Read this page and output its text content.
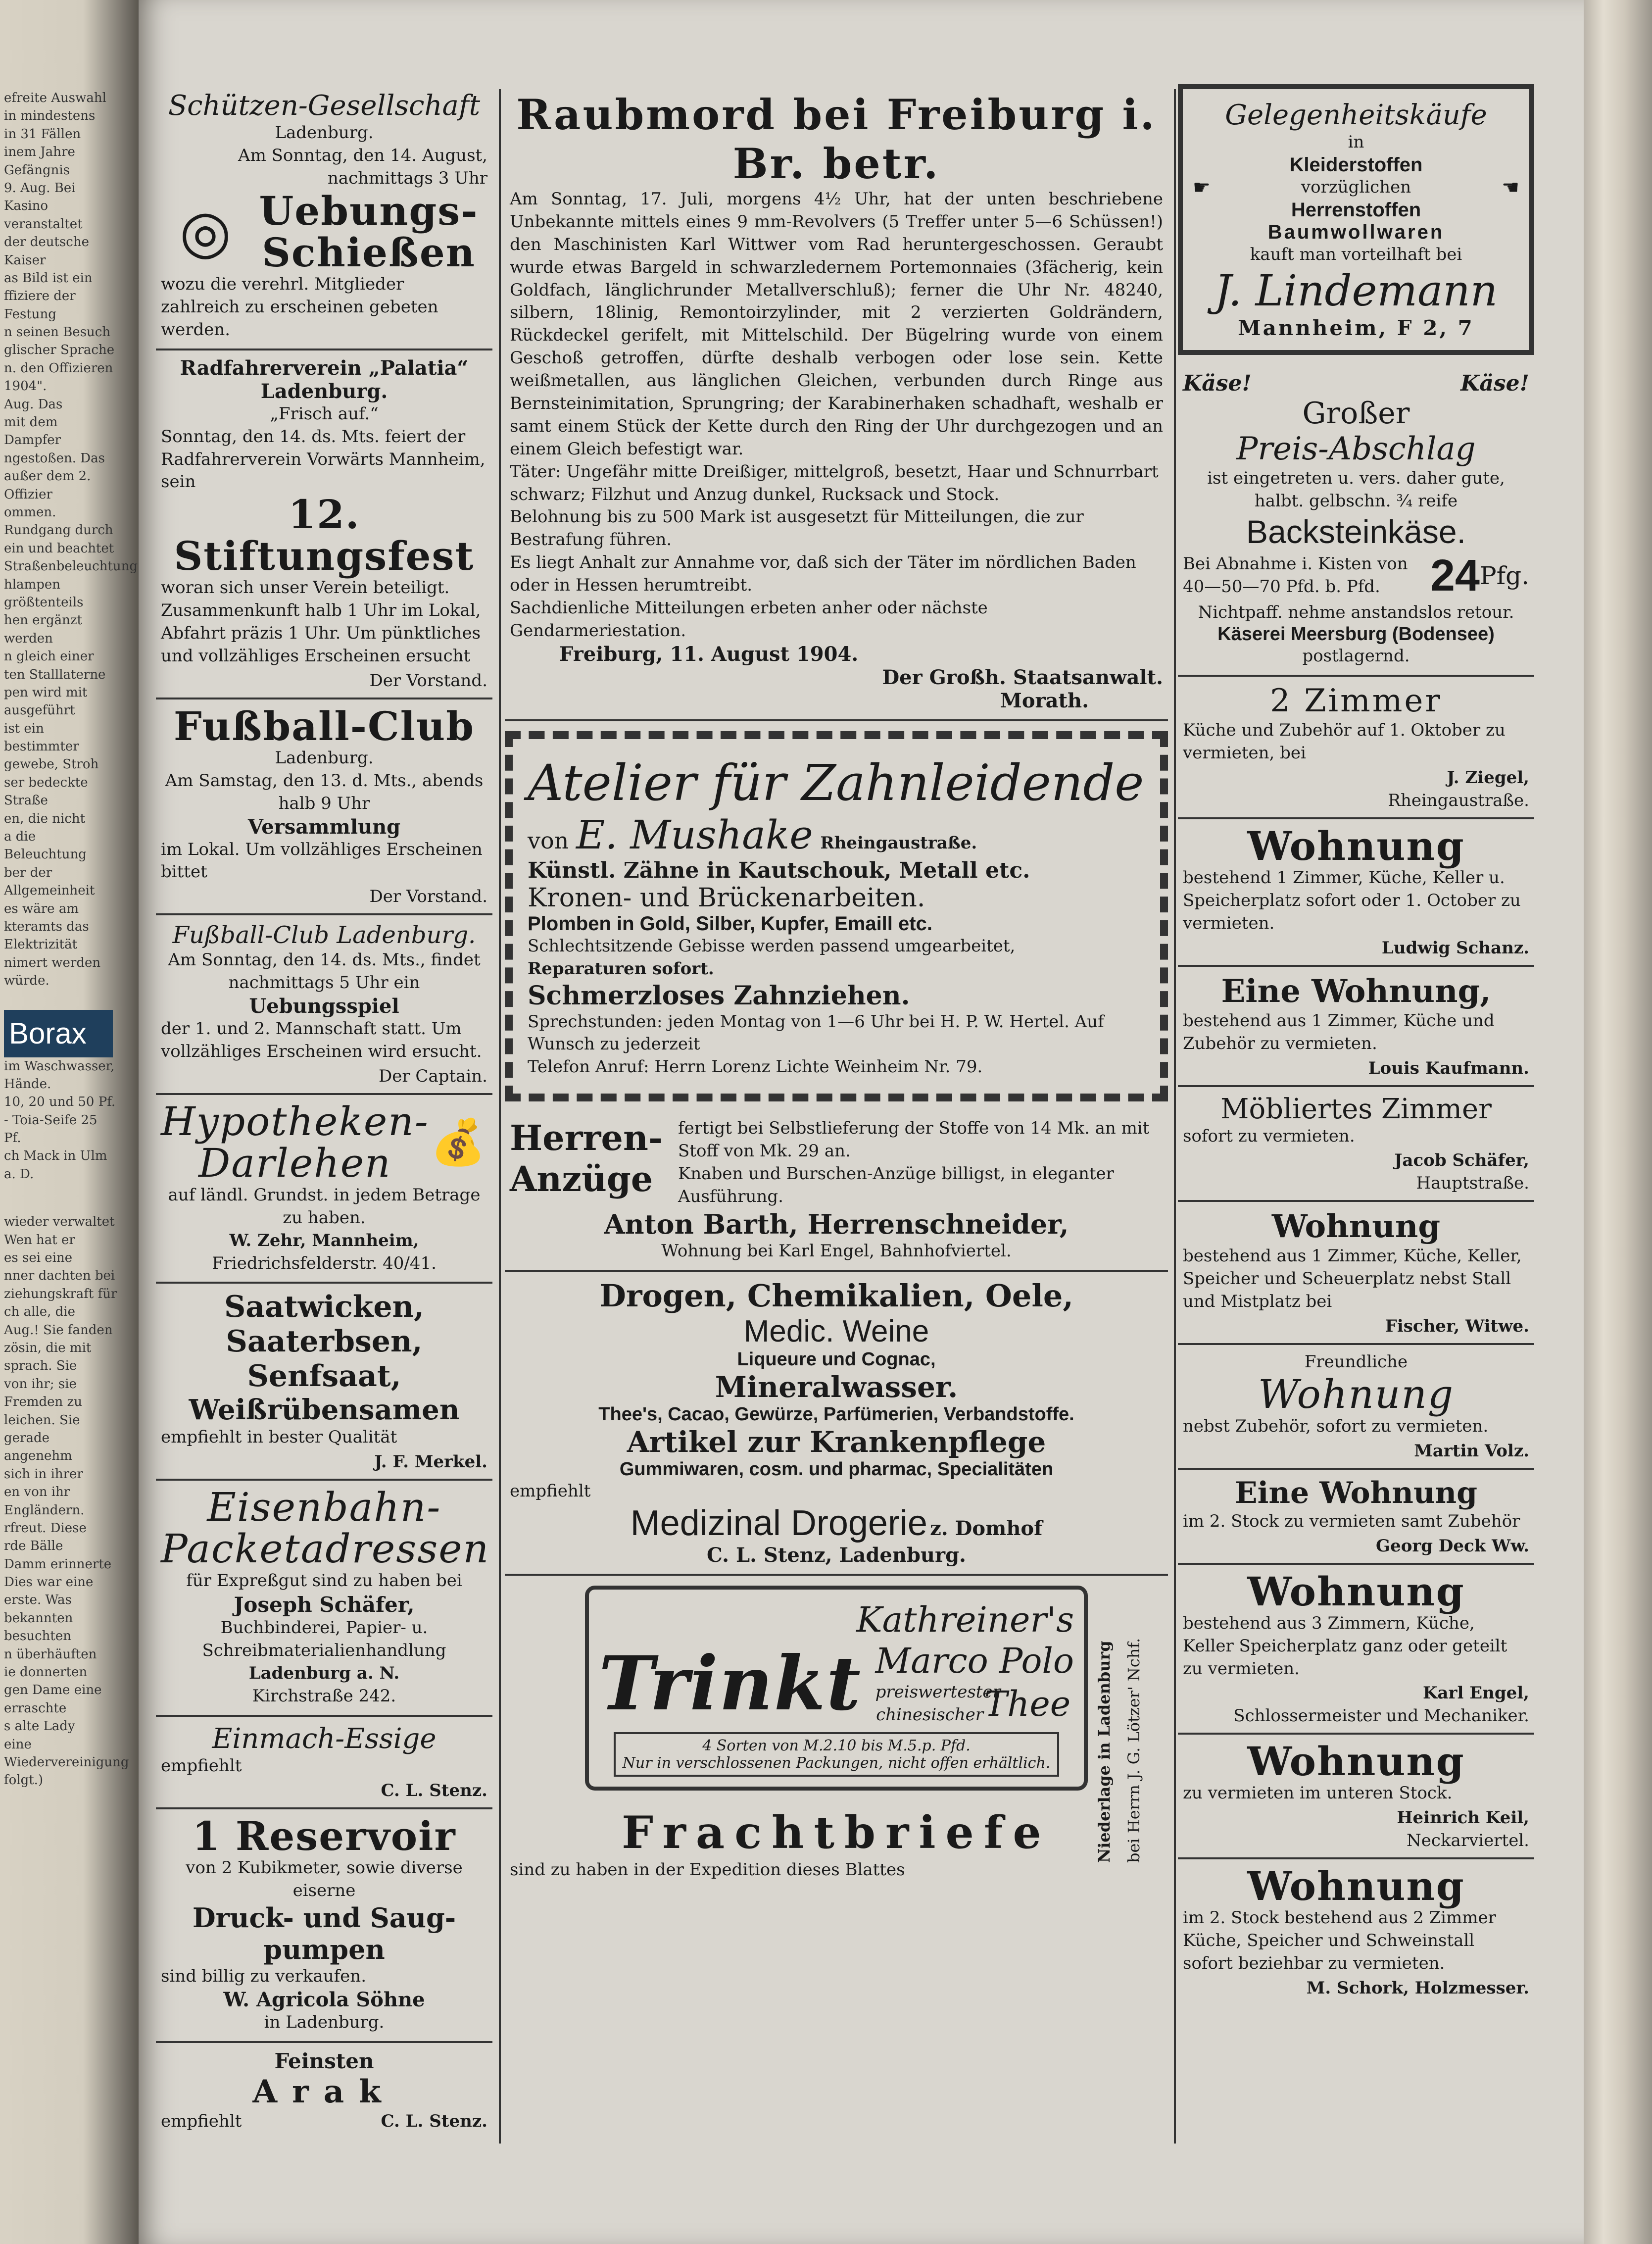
efreite Auswahl
in mindestens
in 31 Fällen
inem Jahre Gefängnis
9. Aug. Bei
Kasino veranstaltet
der deutsche Kaiser
as Bild ist ein
ffiziere der Festung
n seinen Besuch
glischer Sprache
n. den Offizieren
1904".
Aug. Das
mit dem Dampfer
ngestoßen. Das
außer dem 2. Offizier
ommen.
Rundgang durch
ein und beachtet
Straßenbeleuchtung
hlampen größtenteils
hen ergänzt werden
n gleich einer
ten Stalllaterne
pen wird mit
ausgeführt
ist ein bestimmter
gewebe, Stroh
ser bedeckte Straße
en, die nicht
a die Beleuchtung
ber der Allgemeinheit
es wäre am
kteramts das Elektrizität
nimert werden würde.
Borax
im Waschwasser,
Hände.
10, 20 und 50 Pf.
- Toia-Seife 25 Pf.
ch Mack in Ulm a. D.
wieder verwaltet
Wen hat er
es sei eine
nner dachten bei
ziehungskraft für
ch alle, die
Aug.! Sie fanden
zösin, die mit
sprach. Sie
von ihr; sie
Fremden zu
leichen. Sie
gerade angenehm
sich in ihrer
en von ihr
Engländern.
rfreut. Diese
rde Bälle
Damm erinnerte
Dies war eine
erste. Was
bekannten
besuchten
n überhäuften
ie donnerten
gen Dame eine
erraschte
s alte Lady
eine Wiedervereinigung
folgt.)
Schützen-Gesellschaft
Ladenburg.
Am Sonntag, den 14. August, nachmittags 3 Uhr
◎ Uebungs-
Schießen
wozu die verehrl. Mitglieder zahlreich zu erscheinen gebeten werden.
Radfahrerverein „Palatia“ Ladenburg.
„Frisch auf.“
Sonntag, den 14. ds. Mts. feiert der Radfahrerverein Vorwärts Mannheim, sein
12. Stiftungsfest
woran sich unser Verein beteiligt. Zusammenkunft halb 1 Uhr im Lokal, Abfahrt präzis 1 Uhr. Um pünktliches und vollzähliges Erscheinen ersucht
Der Vorstand.
Fußball-Club
Ladenburg.
Am Samstag, den 13. d. Mts., abends halb 9 Uhr
Versammlung
im Lokal. Um vollzähliges Erscheinen bittet
Der Vorstand.
Fußball-Club Ladenburg.
Am Sonntag, den 14. ds. Mts., findet nachmittags 5 Uhr ein
Uebungsspiel
der 1. und 2. Mannschaft statt. Um vollzähliges Erscheinen wird ersucht.
Der Captain.
Hypotheken-
Darlehen 💰
auf ländl. Grundst. in jedem Betrage zu haben.
W. Zehr, Mannheim,
Friedrichsfelderstr. 40/41.
Saatwicken,
Saaterbsen,
Senfsaat,
Weißrübensamen
empfiehlt in bester Qualität
J. F. Merkel.
Eisenbahn-
Packetadressen
für Expreßgut sind zu haben bei
Joseph Schäfer,
Buchbinderei, Papier- u. Schreibmaterialienhandlung
Ladenburg a. N.
Kirchstraße 242.
Einmach-Essige
empfiehlt
C. L. Stenz.
1 Reservoir
von 2 Kubikmeter, sowie diverse eiserne
Druck- und Saug-
pumpen
sind billig zu verkaufen.
W. Agricola Söhne
in Ladenburg.
Feinsten
Arak
empfiehlt	C. L. Stenz.
Raubmord bei Freiburg i. Br. betr.
Am Sonntag, 17. Juli, morgens 4½ Uhr, hat der unten beschriebene Unbekannte mittels eines 9 mm-Revolvers (5 Treffer unter 5—6 Schüssen!) den Maschinisten Karl Wittwer vom Rad heruntergeschossen. Geraubt wurde etwas Bargeld in schwarzledernem Portemonnaies (3fächerig, kein Goldfach, länglichrunder Metallverschluß); ferner die Uhr Nr. 48240, silbern, 18linig, Remontoirzylinder, mit 2 verzierten Goldrändern, Rückdeckel gerifelt, mit Mittelschild. Der Bügelring wurde von einem Geschoß getroffen, dürfte deshalb verbogen oder lose sein. Kette weißmetallen, aus länglichen Gleichen, verbunden durch Ringe aus Bernsteinimitation, Sprungring; der Karabinerhaken schadhaft, weshalb er samt einem Stück der Kette durch den Ring der Uhr durchgezogen und an einem Gleich befestigt war.
Täter: Ungefähr mitte Dreißiger, mittelgroß, besetzt, Haar und Schnurrbart schwarz; Filzhut und Anzug dunkel, Rucksack und Stock.
Belohnung bis zu 500 Mark ist ausgesetzt für Mitteilungen, die zur Bestrafung führen.
Es liegt Anhalt zur Annahme vor, daß sich der Täter im nördlichen Baden oder in Hessen herumtreibt.
Sachdienliche Mitteilungen erbeten anher oder nächste Gendarmeriestation.
Freiburg, 11. August 1904.
Der Großh. Staatsanwalt.
Morath.
Atelier für Zahnleidende
von E. Mushake Rheingaustraße.
Künstl. Zähne in Kautschouk, Metall etc.
Kronen- und Brückenarbeiten.
Plomben in Gold, Silber, Kupfer, Emaill etc.
Schlechtsitzende Gebisse werden passend umgearbeitet,
Reparaturen sofort.
Schmerzloses Zahnziehen.
Sprechstunden: jeden Montag von 1—6 Uhr bei H. P. W. Hertel. Auf Wunsch zu jederzeit
Telefon Anruf: Herrn Lorenz Lichte Weinheim Nr. 79.
Herren-
Anzüge
fertigt bei Selbstlieferung der Stoffe von 14 Mk. an mit Stoff von Mk. 29 an.
Knaben und Burschen-Anzüge billigst, in eleganter Ausführung.
Anton Barth, Herrenschneider,
Wohnung bei Karl Engel, Bahnhofviertel.
Drogen, Chemikalien, Oele,
Medic. Weine
Liqueure und Cognac,
Mineralwasser.
Thee's, Cacao, Gewürze, Parfümerien, Verbandstoffe.
Artikel zur Krankenpflege
Gummiwaren, cosm. und pharmac, Specialitäten
empfiehlt
Medizinal Drogerie z. Domhof
C. L. Stenz, Ladenburg.
Kathreiner's
Trinkt Marco Polo
preiswertester chinesischer Thee
4 Sorten von M.2.10 bis M.5.p. Pfd.
Nur in verschlossenen Packungen, nicht offen erhältlich.	Niederlage in Ladenburg bei Herrn J. G. Lötzer' Nchf.
Frachtbriefe
sind zu haben in der Expedition dieses Blattes
Gelegenheitskäufe
in
Kleiderstoffen
☛	vorzüglichen	☚
Herrenstoffen
Baumwollwaren
kauft man vorteilhaft bei
J. Lindemann
Mannheim, F 2, 7
Käse!	Käse!
Großer
Preis-Abschlag
ist eingetreten u. vers. daher gute, halbt. gelbschn. ¾ reife
Backsteinkäse.
Bei Abnahme i. Kisten von 40—50—70 Pfd. b. Pfd.	24 Pfg.
Nichtpaff. nehme anstandslos retour.
Käserei Meersburg (Bodensee)
postlagernd.
2 Zimmer
Küche und Zubehör auf 1. Oktober zu vermieten, bei
J. Ziegel,
Rheingaustraße.
Wohnung
bestehend 1 Zimmer, Küche, Keller u. Speicherplatz sofort oder 1. October zu vermieten.
Ludwig Schanz.
Eine Wohnung,
bestehend aus 1 Zimmer, Küche und Zubehör zu vermieten.
Louis Kaufmann.
Möbliertes Zimmer
sofort zu vermieten.
Jacob Schäfer,
Hauptstraße.
Wohnung
bestehend aus 1 Zimmer, Küche, Keller, Speicher und Scheuerplatz nebst Stall und Mistplatz bei
Fischer, Witwe.
Freundliche
Wohnung
nebst Zubehör, sofort zu vermieten.
Martin Volz.
Eine Wohnung
im 2. Stock zu vermieten samt Zubehör
Georg Deck Ww.
Wohnung
bestehend aus 3 Zimmern, Küche, Keller Speicherplatz ganz oder geteilt zu vermieten.
Karl Engel,
Schlossermeister und Mechaniker.
Wohnung
zu vermieten im unteren Stock.
Heinrich Keil,
Neckarviertel.
Wohnung
im 2. Stock bestehend aus 2 Zimmer Küche, Speicher und Schweinstall sofort beziehbar zu vermieten.
M. Schork, Holzmesser.
